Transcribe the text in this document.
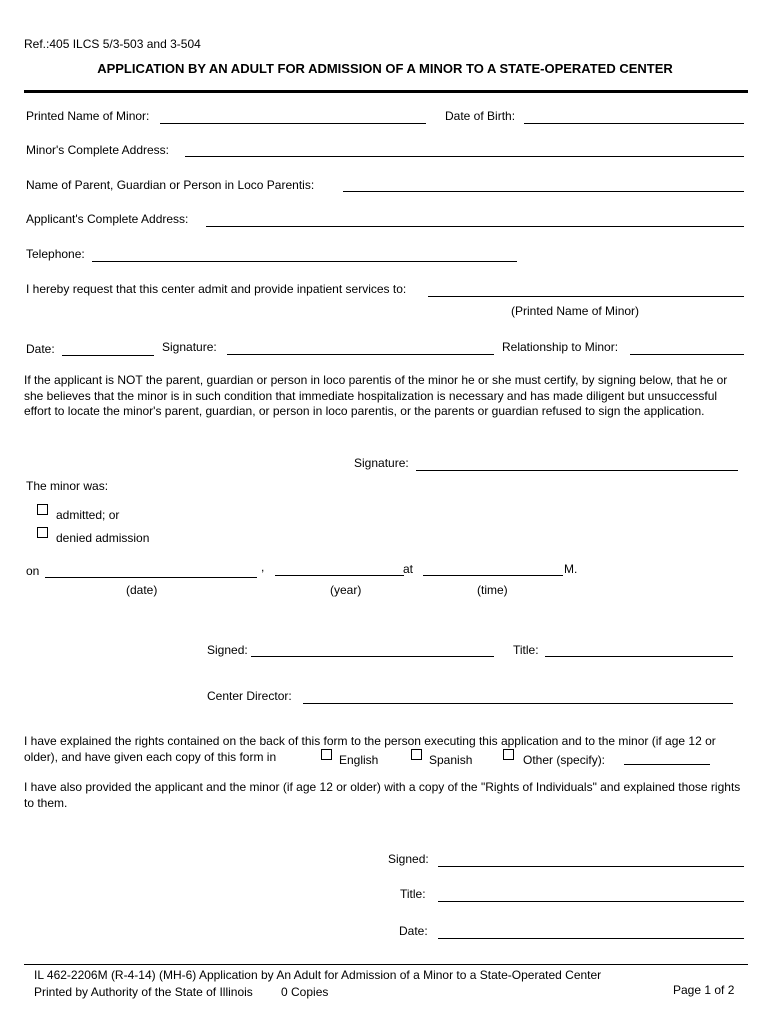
Ref.:405 ILCS 5/3-503 and 3-504
APPLICATION BY AN ADULT FOR ADMISSION OF A MINOR TO A STATE-OPERATED CENTER
Printed Name of Minor:	Date of Birth:
Minor's Complete Address:
Name of Parent, Guardian or Person in Loco Parentis:
Applicant's Complete Address:
Telephone:
I hereby request that this center admit and provide inpatient services to:
(Printed Name of Minor)
Date:	Signature:	Relationship to Minor:
If the applicant is NOT the parent, guardian or person in loco parentis of the minor he or she must certify, by signing below, that he or she believes that the minor is in such condition that immediate hospitalization is necessary and has made diligent but unsuccessful effort to locate the minor's parent, guardian, or person in loco parentis, or the parents or guardian refused to sign the application.
Signature:
The minor was:
admitted; or
denied admission
on	,	at	M.
(date)	(year)	(time)
Signed:	Title:
Center Director:
I have explained the rights contained on the back of this form to the person executing this application and to the minor (if age 12 or older), and have given each copy of this form in	English	Spanish	Other (specify):
I have also provided the applicant and the minor (if age 12 or older) with a copy of the "Rights of Individuals" and explained those rights to them.
Signed:
Title:
Date:
IL 462-2206M (R-4-14) (MH-6) Application by An Adult for Admission of a Minor to a State-Operated Center
Printed by Authority of the State of Illinois 0 Copies	Page 1 of 2
